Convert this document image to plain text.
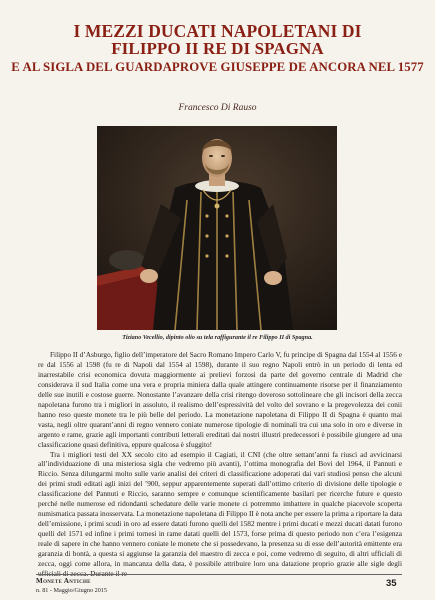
I MEZZI DUCATI NAPOLETANI DI
FILIPPO II RE DI SPAGNA
E AL SIGLA DEL GUARDAPROVE GIUSEPPE DE ANCORA NEL 1577
Francesco Di Rauso
Tiziano Vecellio, dipinto olio su tela raffigurante il re Filippo II di Spagna.

Filippo II d’Asburgo, figlio dell’imperatore del Sacro Romano Impero Carlo V, fu principe di Spagna dal 1554 al 1556 e re dal 1556 al 1598 (fu re di Napoli dal 1554 al 1598), durante il suo regno Napoli entrò in un periodo di lenta ed inarrestabile crisi economica dovuta maggiormente ai prelievi forzosi da parte del governo centrale di Madrid che considerava il sud Italia come una vera e propria miniera dalla quale attingere continuamente risorse per il finanziamento delle sue inutili e costose guerre. Nonostante l’avanzare della crisi ritengo doveroso sottolineare che gli incisori della zecca napoletana furono tra i migliori in assoluto, il realismo dell’espressività del volto del sovrano e la pregevolezza dei conii hanno reso queste monete tra le più belle del periodo. La monetazione napoletana di Filippo II di Spagna è quanto mai vasta, negli oltre quarant’anni di regno vennero coniate numerose tipologie di nominali tra cui una solo in oro e diverse in argento e rame, grazie agli importanti contributi letterali ereditati dai nostri illustri predecessori è possibile giungere ad una classificazione quasi definitiva, eppure qualcosa è sfuggito!

Tra i migliori testi del XX secolo cito ad esempio il Cagiati, il CNI (che oltre settant’anni fa riuscì ad avvicinarsi all’individuazione di una misteriosa sigla che vedremo più avanti), l’ottima monografia del Bovi del 1964, il Pannuti e Riccio. Senza dilungarmi molto sulle varie analisi dei criteri di classificazione adoperati dai vari studiosi penso che alcuni dei primi studi editati agli inizi del ’900, seppur apparentemente superati dall’ottimo criterio di divisione delle tipologie e classificazione del Pannuti e Riccio, saranno sempre e comunque scientificamente basilari per ricerche future e questo perché nelle numerose ed ridondanti schedature delle varie monete ci potremmo imbattere in qualche piacevole scoperta numismatica passata inosservata. La monetazione napoletana di Filippo II è nota anche per essere la prima a riportare la data dell’emissione, i primi scudi in oro ad essere datati furono quelli del 1582 mentre i primi ducati e mezzi ducati datati furono quelli del 1571 ed infine i primi tornesi in rame datati quelli del 1573, forse prima di questo periodo non c’era l’esigenza reale di sapere in che hanno vennero coniate le monete che si possedevano, la presenza su di esse dell’autorità emittente era garanzia di bontà, a questa si aggiunse la garanzia del maestro di zecca e poi, come vedremo di seguito, di altri ufficiali di zecca, oggi come allora, in mancanza della data, è possibile attribuire loro una datazione proprio grazie alle sigle degli ufficiali di zecca. Durante il re-

Monete Antiche
n. 81 - Maggio/Giugno 2015
35
